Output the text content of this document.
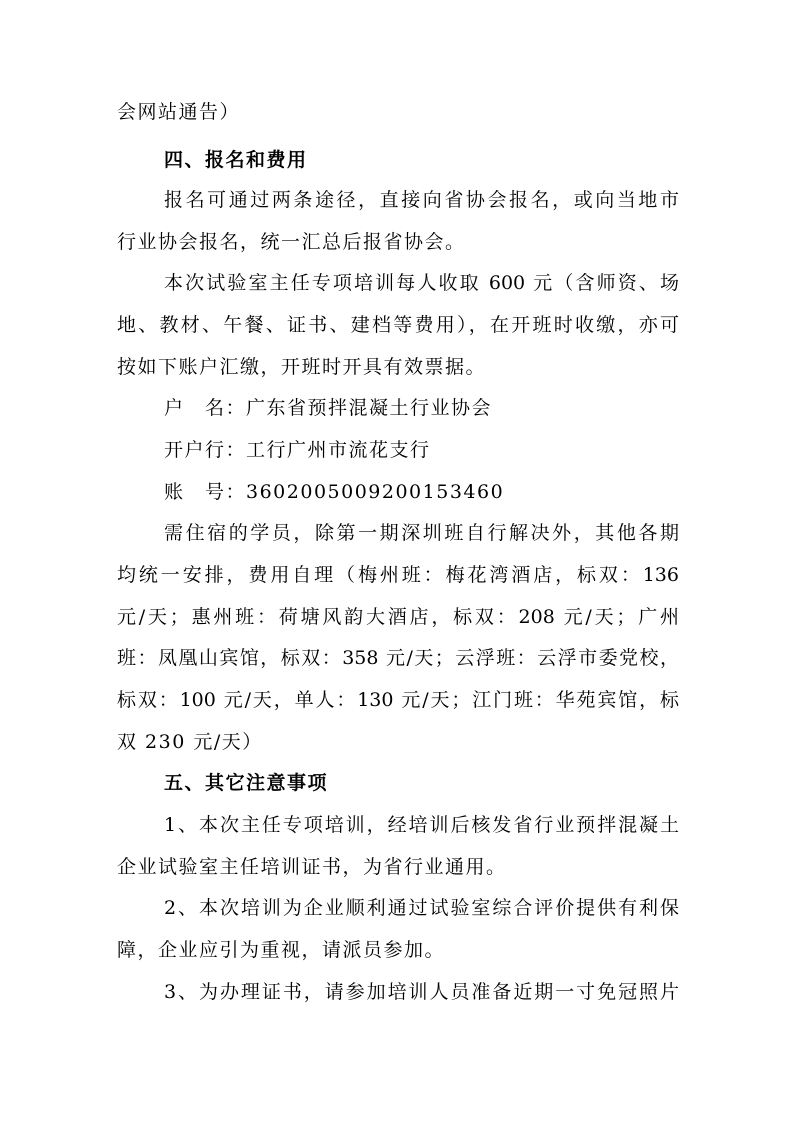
会网站通告）
四、报名和费用
报名可通过两条途径，直接向省协会报名，或向当地市
行业协会报名，统一汇总后报省协会。
本次试验室主任专项培训每人收取 600 元（含师资、场
地、教材、午餐、证书、建档等费用），在开班时收缴，亦可
按如下账户汇缴，开班时开具有效票据。
户　名：广东省预拌混凝土行业协会
开户行：工行广州市流花支行
账　号：3602005009200153460
需住宿的学员，除第一期深圳班自行解决外，其他各期
均统一安排，费用自理（梅州班：梅花湾酒店，标双：136
元/天；惠州班：荷塘风韵大酒店，标双：208 元/天；广州
班：凤凰山宾馆，标双：358 元/天；云浮班：云浮市委党校，
标双：100 元/天，单人：130 元/天；江门班：华苑宾馆，标
双 230 元/天）
五、其它注意事项
1、本次主任专项培训，经培训后核发省行业预拌混凝土
企业试验室主任培训证书，为省行业通用。
2、本次培训为企业顺利通过试验室综合评价提供有利保
障，企业应引为重视，请派员参加。
3、为办理证书，请参加培训人员准备近期一寸免冠照片
